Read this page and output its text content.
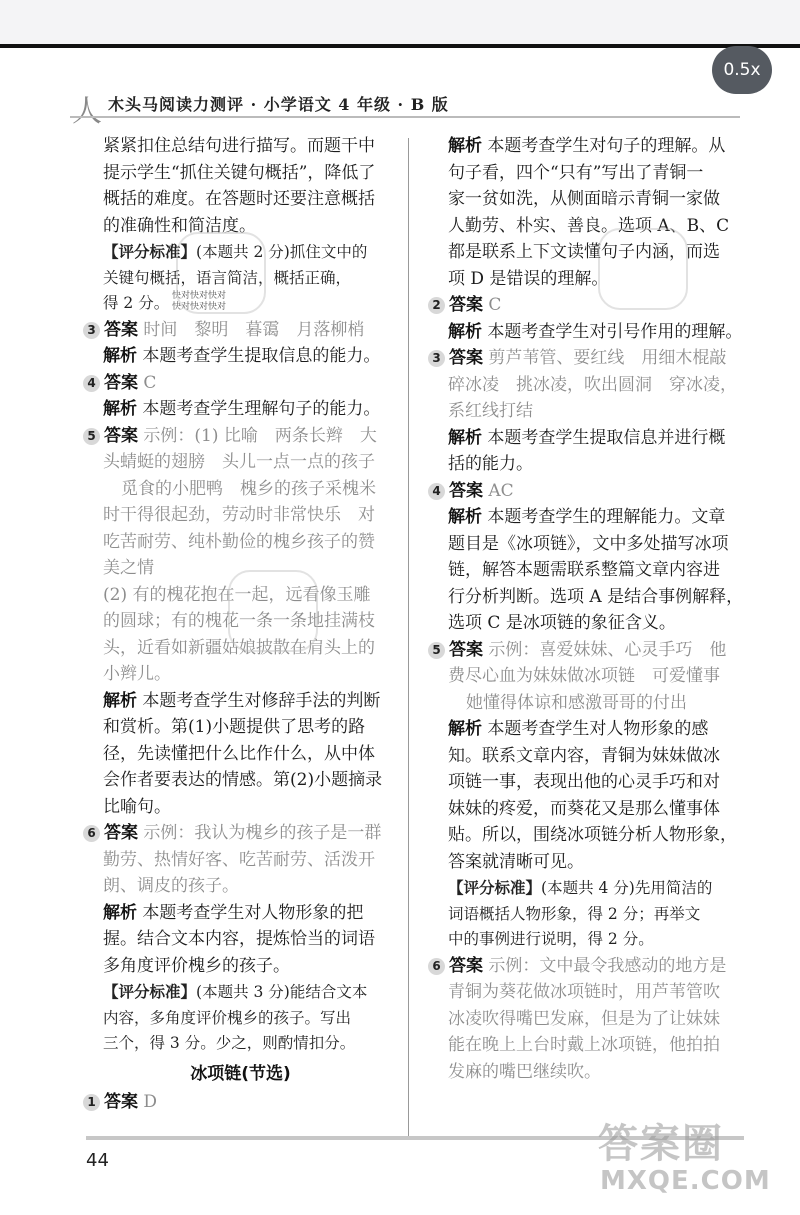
0.5x
人 木头马阅读力测评 · 小学语文 4 年级 · B 版
快对快对快对
快对快对快对

紧紧扣住总结句进行描写。而题干中

提示学生“抓住关键句概括”，降低了

概括的难度。在答题时还要注意概括

的准确性和简洁度。

【评分标准】(本题共 2 分)抓住文中的

关键句概括，语言简洁，概括正确，

得 2 分。

3 答案 时间　黎明　暮霭　月落柳梢

解析 本题考查学生提取信息的能力。

4 答案 C

解析 本题考查学生理解句子的能力。

5 答案 示例：(1) 比喻　两条长辫　大

头蜻蜓的翅膀　头儿一点一点的孩子

觅食的小肥鸭　槐乡的孩子采槐米

时干得很起劲，劳动时非常快乐　对

吃苦耐劳、纯朴勤俭的槐乡孩子的赞

美之情

(2) 有的槐花抱在一起，远看像玉雕

的圆球；有的槐花一条一条地挂满枝

头，近看如新疆姑娘披散在肩头上的

小辫儿。

解析 本题考查学生对修辞手法的判断

和赏析。第(1)小题提供了思考的路

径，先读懂把什么比作什么，从中体

会作者要表达的情感。第(2)小题摘录

比喻句。

6 答案 示例：我认为槐乡的孩子是一群

勤劳、热情好客、吃苦耐劳、活泼开

朗、调皮的孩子。

解析 本题考查学生对人物形象的把

握。结合文本内容，提炼恰当的词语

多角度评价槐乡的孩子。

【评分标准】(本题共 3 分)能结合文本

内容，多角度评价槐乡的孩子。写出

三个，得 3 分。少之，则酌情扣分。

冰项链(节选)

1 答案 D

解析 本题考查学生对句子的理解。从

句子看，四个“只有”写出了青铜一

家一贫如洗，从侧面暗示青铜一家做

人勤劳、朴实、善良。选项 A、B、C

都是联系上下文读懂句子内涵，而选

项 D 是错误的理解。

2 答案 C

解析 本题考查学生对引号作用的理解。

3 答案 剪芦苇管、要红线　用细木棍敲

碎冰凌　挑冰凌，吹出圆洞　穿冰凌，

系红线打结

解析 本题考查学生提取信息并进行概

括的能力。

4 答案 AC

解析 本题考查学生的理解能力。文章

题目是《冰项链》，文中多处描写冰项

链，解答本题需联系整篇文章内容进

行分析判断。选项 A 是结合事例解释，

选项 C 是冰项链的象征含义。

5 答案 示例：喜爱妹妹、心灵手巧　他

费尽心血为妹妹做冰项链　可爱懂事

她懂得体谅和感激哥哥的付出

解析 本题考查学生对人物形象的感

知。联系文章内容，青铜为妹妹做冰

项链一事，表现出他的心灵手巧和对

妹妹的疼爱，而葵花又是那么懂事体

贴。所以，围绕冰项链分析人物形象，

答案就清晰可见。

【评分标准】(本题共 4 分)先用简洁的

词语概括人物形象，得 2 分；再举文

中的事例进行说明，得 2 分。

6 答案 示例：文中最令我感动的地方是

青铜为葵花做冰项链时，用芦苇管吹

冰凌吹得嘴巴发麻，但是为了让妹妹

能在晚上上台时戴上冰项链，他拍拍

发麻的嘴巴继续吹。

44	答案圈
MXQE.COM
